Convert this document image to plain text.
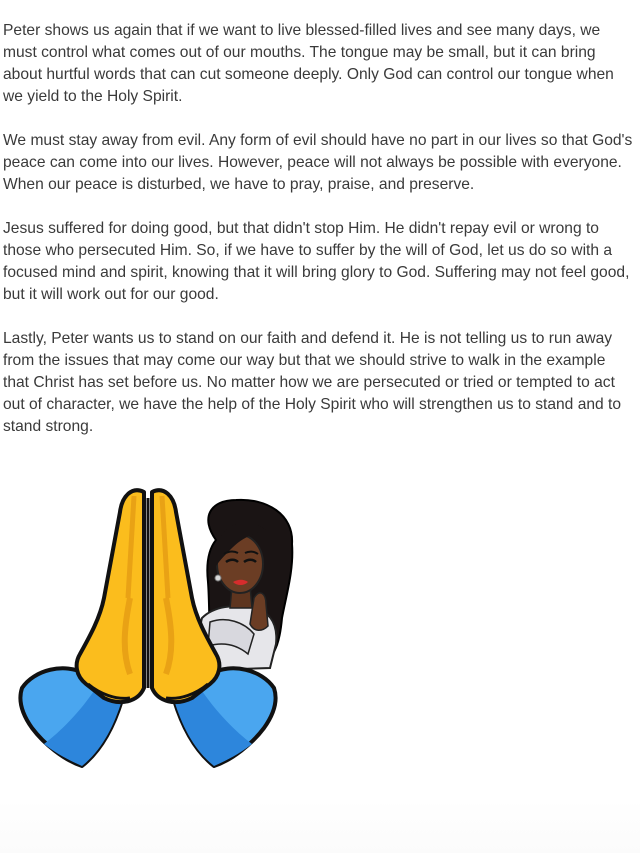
Peter shows us again that if we want to live blessed-filled lives and see many days, we must control what comes out of our mouths. The tongue may be small, but it can bring about hurtful words that can cut someone deeply. Only God can control our tongue when we yield to the Holy Spirit.

We must stay away from evil. Any form of evil should have no part in our lives so that God's peace can come into our lives. However, peace will not always be possible with everyone. When our peace is disturbed, we have to pray, praise, and preserve.

Jesus suffered for doing good, but that didn't stop Him. He didn't repay evil or wrong to those who persecuted Him. So, if we have to suffer by the will of God, let us do so with a focused mind and spirit, knowing that it will bring glory to God. Suffering may not feel good, but it will work out for our good.

Lastly, Peter wants us to stand on our faith and defend it. He is not telling us to run away from the issues that may come our way but that we should strive to walk in the example that Christ has set before us. No matter how we are persecuted or tried or tempted to act out of character, we have the help of the Holy Spirit who will strengthen us to stand and to stand strong.
